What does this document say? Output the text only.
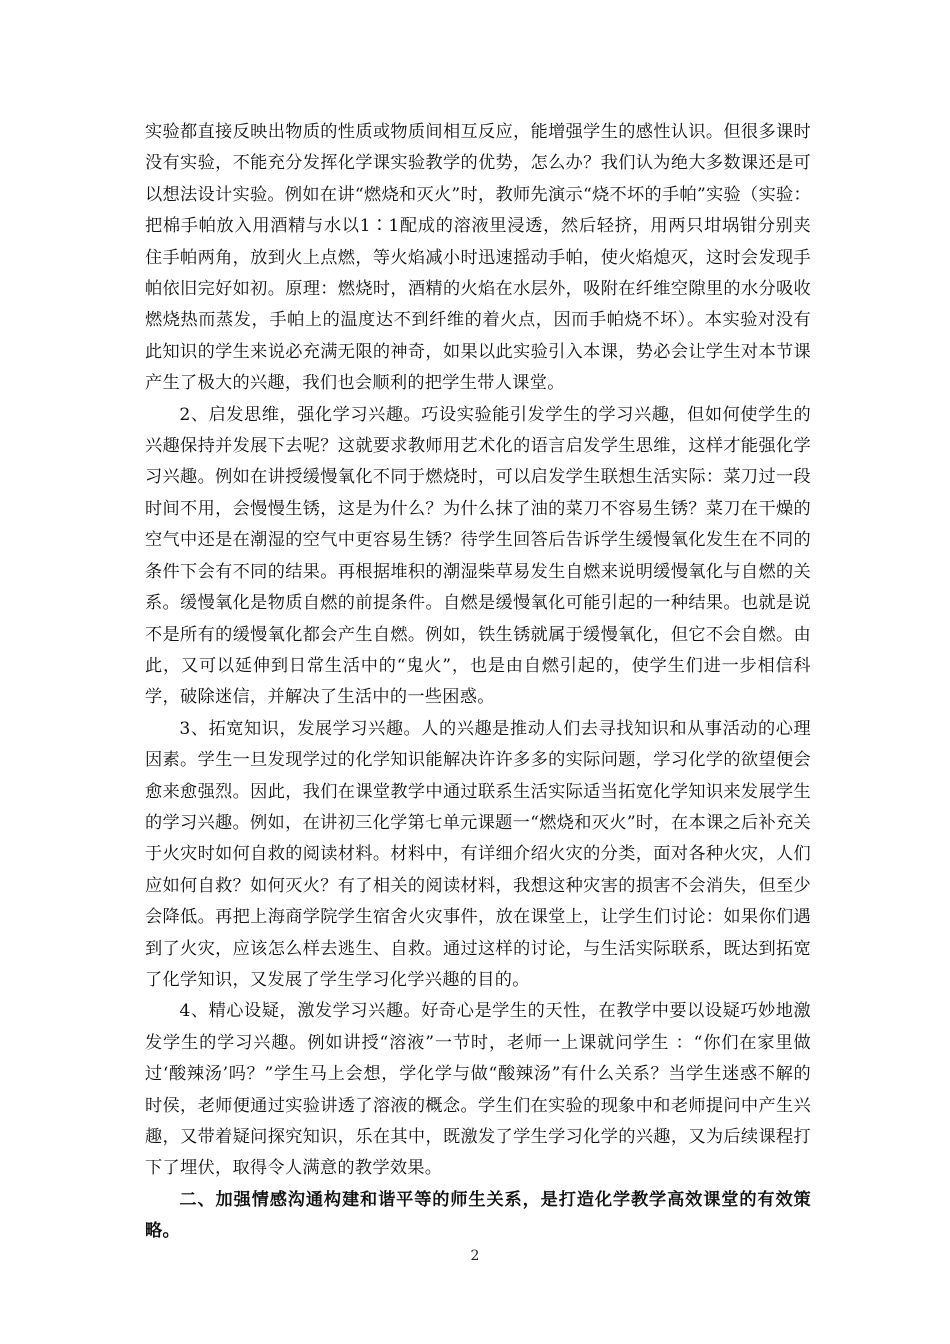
实验都直接反映出物质的性质或物质间相互反应，能增强学生的感性认识。但很多课时没有实验，不能充分发挥化学课实验教学的优势，怎么办？我们认为绝大多数课还是可以想法设计实验。例如在讲“燃烧和灭火”时，教师先演示“烧不坏的手帕”实验（实验：把棉手帕放入用酒精与水以1∶1配成的溶液里浸透，然后轻挤，用两只坩埚钳分别夹住手帕两角，放到火上点燃，等火焰减小时迅速摇动手帕，使火焰熄灭，这时会发现手帕依旧完好如初。原理：燃烧时，酒精的火焰在水层外，吸附在纤维空隙里的水分吸收燃烧热而蒸发，手帕上的温度达不到纤维的着火点，因而手帕烧不坏）。本实验对没有此知识的学生来说必充满无限的神奇，如果以此实验引入本课，势必会让学生对本节课产生了极大的兴趣，我们也会顺利的把学生带人课堂。

2、启发思维，强化学习兴趣。巧设实验能引发学生的学习兴趣，但如何使学生的兴趣保持并发展下去呢？这就要求教师用艺术化的语言启发学生思维，这样才能强化学习兴趣。例如在讲授缓慢氧化不同于燃烧时，可以启发学生联想生活实际：菜刀过一段时间不用，会慢慢生锈，这是为什么？为什么抹了油的菜刀不容易生锈？菜刀在干燥的空气中还是在潮湿的空气中更容易生锈？待学生回答后告诉学生缓慢氧化发生在不同的条件下会有不同的结果。再根据堆积的潮湿柴草易发生自燃来说明缓慢氧化与自燃的关系。缓慢氧化是物质自燃的前提条件。自燃是缓慢氧化可能引起的一种结果。也就是说不是所有的缓慢氧化都会产生自燃。例如，铁生锈就属于缓慢氧化，但它不会自燃。由此，又可以延伸到日常生活中的“鬼火”，也是由自燃引起的，使学生们进一步相信科学，破除迷信，并解决了生活中的一些困惑。

3、拓宽知识，发展学习兴趣。人的兴趣是推动人们去寻找知识和从事活动的心理因素。学生一旦发现学过的化学知识能解决许许多多的实际问题，学习化学的欲望便会愈来愈强烈。因此，我们在课堂教学中通过联系生活实际适当拓宽化学知识来发展学生的学习兴趣。例如，在讲初三化学第七单元课题一“燃烧和灭火”时，在本课之后补充关于火灾时如何自救的阅读材料。材料中，有详细介绍火灾的分类，面对各种火灾，人们应如何自救？如何灭火？有了相关的阅读材料，我想这种灾害的损害不会消失，但至少会降低。再把上海商学院学生宿舍火灾事件，放在课堂上，让学生们讨论：如果你们遇到了火灾，应该怎么样去逃生、自救。通过这样的讨论，与生活实际联系，既达到拓宽了化学知识，又发展了学生学习化学兴趣的目的。

4、精心设疑，激发学习兴趣。好奇心是学生的天性，在教学中要以设疑巧妙地激发学生的学习兴趣。例如讲授“溶液”一节时，老师一上课就问学生 ：“你们在家里做过‘酸辣汤’吗？”学生马上会想，学化学与做“酸辣汤”有什么关系？当学生迷惑不解的时侯，老师便通过实验讲透了溶液的概念。学生们在实验的现象中和老师提问中产生兴趣，又带着疑问探究知识，乐在其中，既激发了学生学习化学的兴趣，又为后续课程打下了埋伏，取得令人满意的教学效果。

二、加强情感沟通构建和谐平等的师生关系，是打造化学教学高效课堂的有效策略。

2
